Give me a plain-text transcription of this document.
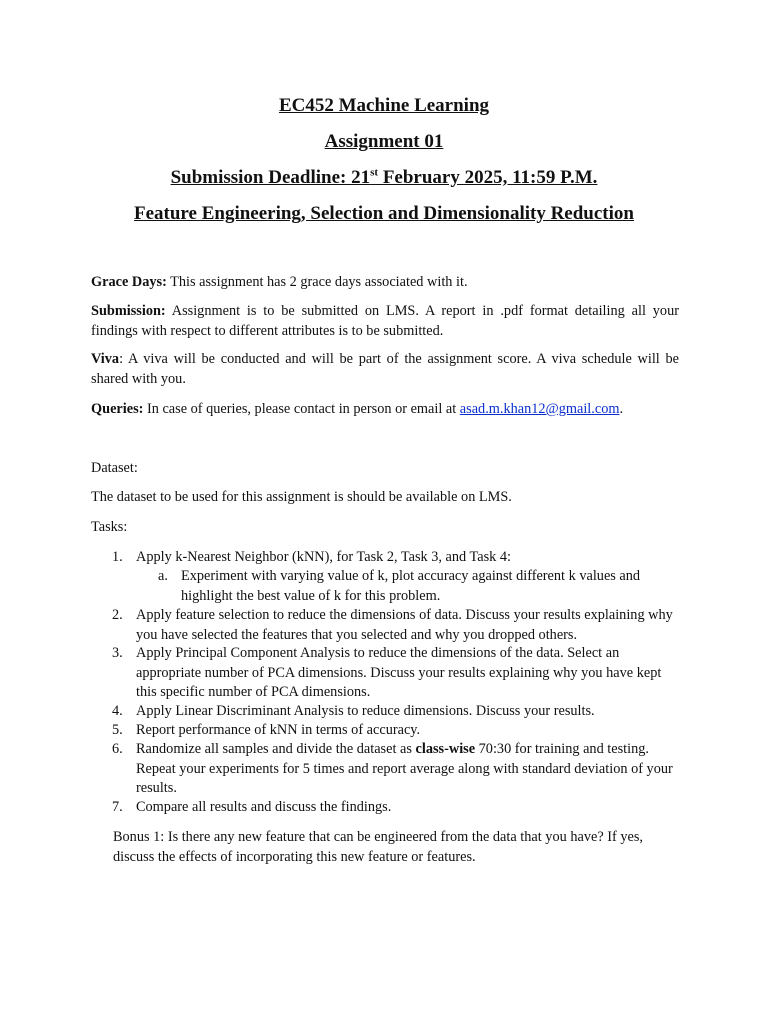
EC452 Machine Learning
Assignment 01
Submission Deadline: 21st February 2025, 11:59 P.M.
Feature Engineering, Selection and Dimensionality Reduction
Grace Days: This assignment has 2 grace days associated with it.
Submission: Assignment is to be submitted on LMS. A report in .pdf format detailing all your findings with respect to different attributes is to be submitted.
Viva: A viva will be conducted and will be part of the assignment score. A viva schedule will be shared with you.
Queries: In case of queries, please contact in person or email at asad.m.khan12@gmail.com.
Dataset:
The dataset to be used for this assignment is should be available on LMS.
Tasks:
1. Apply k-Nearest Neighbor (kNN), for Task 2, Task 3, and Task 4:
a. Experiment with varying value of k, plot accuracy against different k values and highlight the best value of k for this problem.
2. Apply feature selection to reduce the dimensions of data. Discuss your results explaining why you have selected the features that you selected and why you dropped others.
3. Apply Principal Component Analysis to reduce the dimensions of the data. Select an appropriate number of PCA dimensions. Discuss your results explaining why you have kept this specific number of PCA dimensions.
4. Apply Linear Discriminant Analysis to reduce dimensions. Discuss your results.
5. Report performance of kNN in terms of accuracy.
6. Randomize all samples and divide the dataset as class-wise 70:30 for training and testing. Repeat your experiments for 5 times and report average along with standard deviation of your results.
7. Compare all results and discuss the findings.
Bonus 1: Is there any new feature that can be engineered from the data that you have? If yes, discuss the effects of incorporating this new feature or features.
